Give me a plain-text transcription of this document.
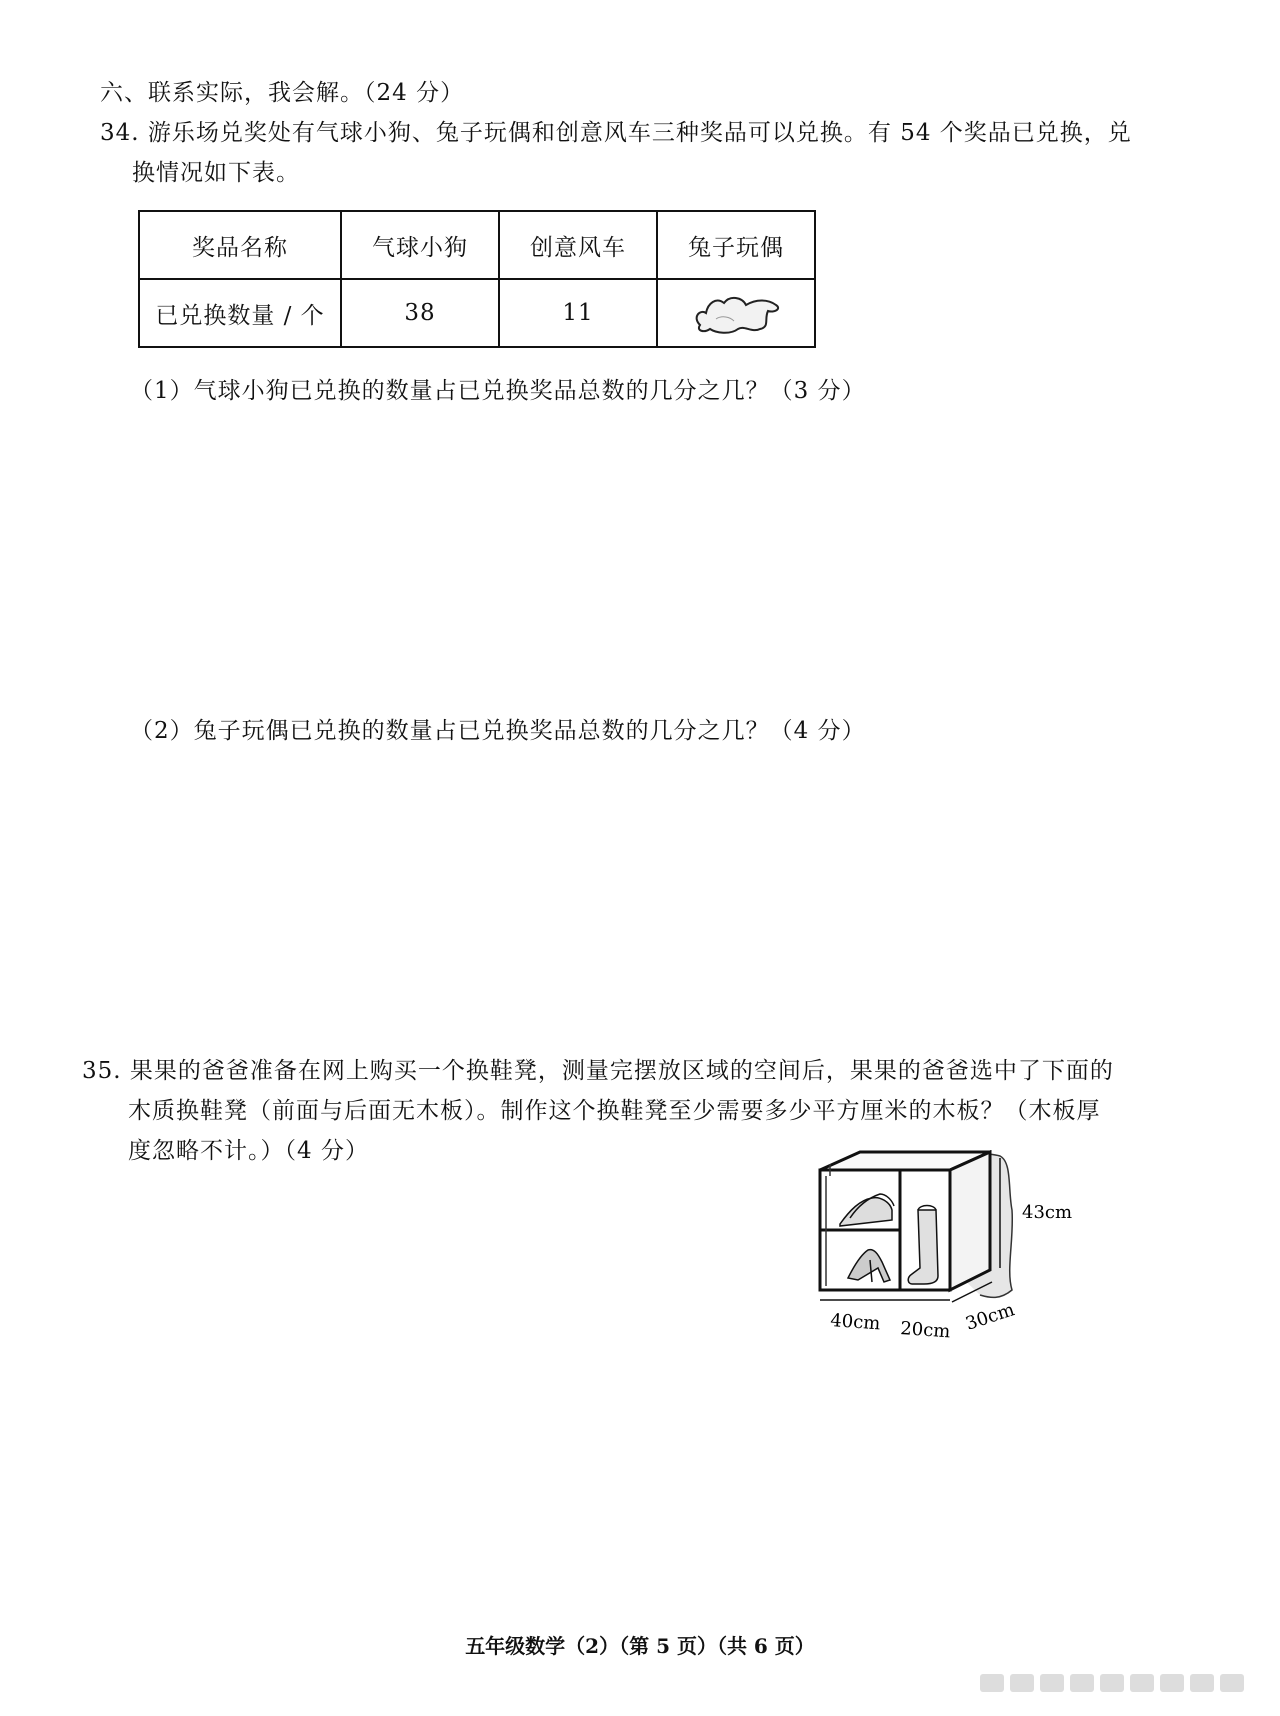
六、联系实际，我会解。（24 分）
34. 游乐场兑奖处有气球小狗、兔子玩偶和创意风车三种奖品可以兑换。有 54 个奖品已兑换，兑
换情况如下表。
奖品名称	气球小狗	创意风车	兔子玩偶
已兑换数量 / 个	38	11	
（1）气球小狗已兑换的数量占已兑换奖品总数的几分之几？（3 分）
（2）兔子玩偶已兑换的数量占已兑换奖品总数的几分之几？（4 分）
35. 果果的爸爸准备在网上购买一个换鞋凳，测量完摆放区域的空间后，果果的爸爸选中了下面的
木质换鞋凳（前面与后面无木板）。制作这个换鞋凳至少需要多少平方厘米的木板？（木板厚
度忽略不计。）（4 分）
43cm
40cm 20cm 30cm
五年级数学（2）（第 5 页）（共 6 页）
